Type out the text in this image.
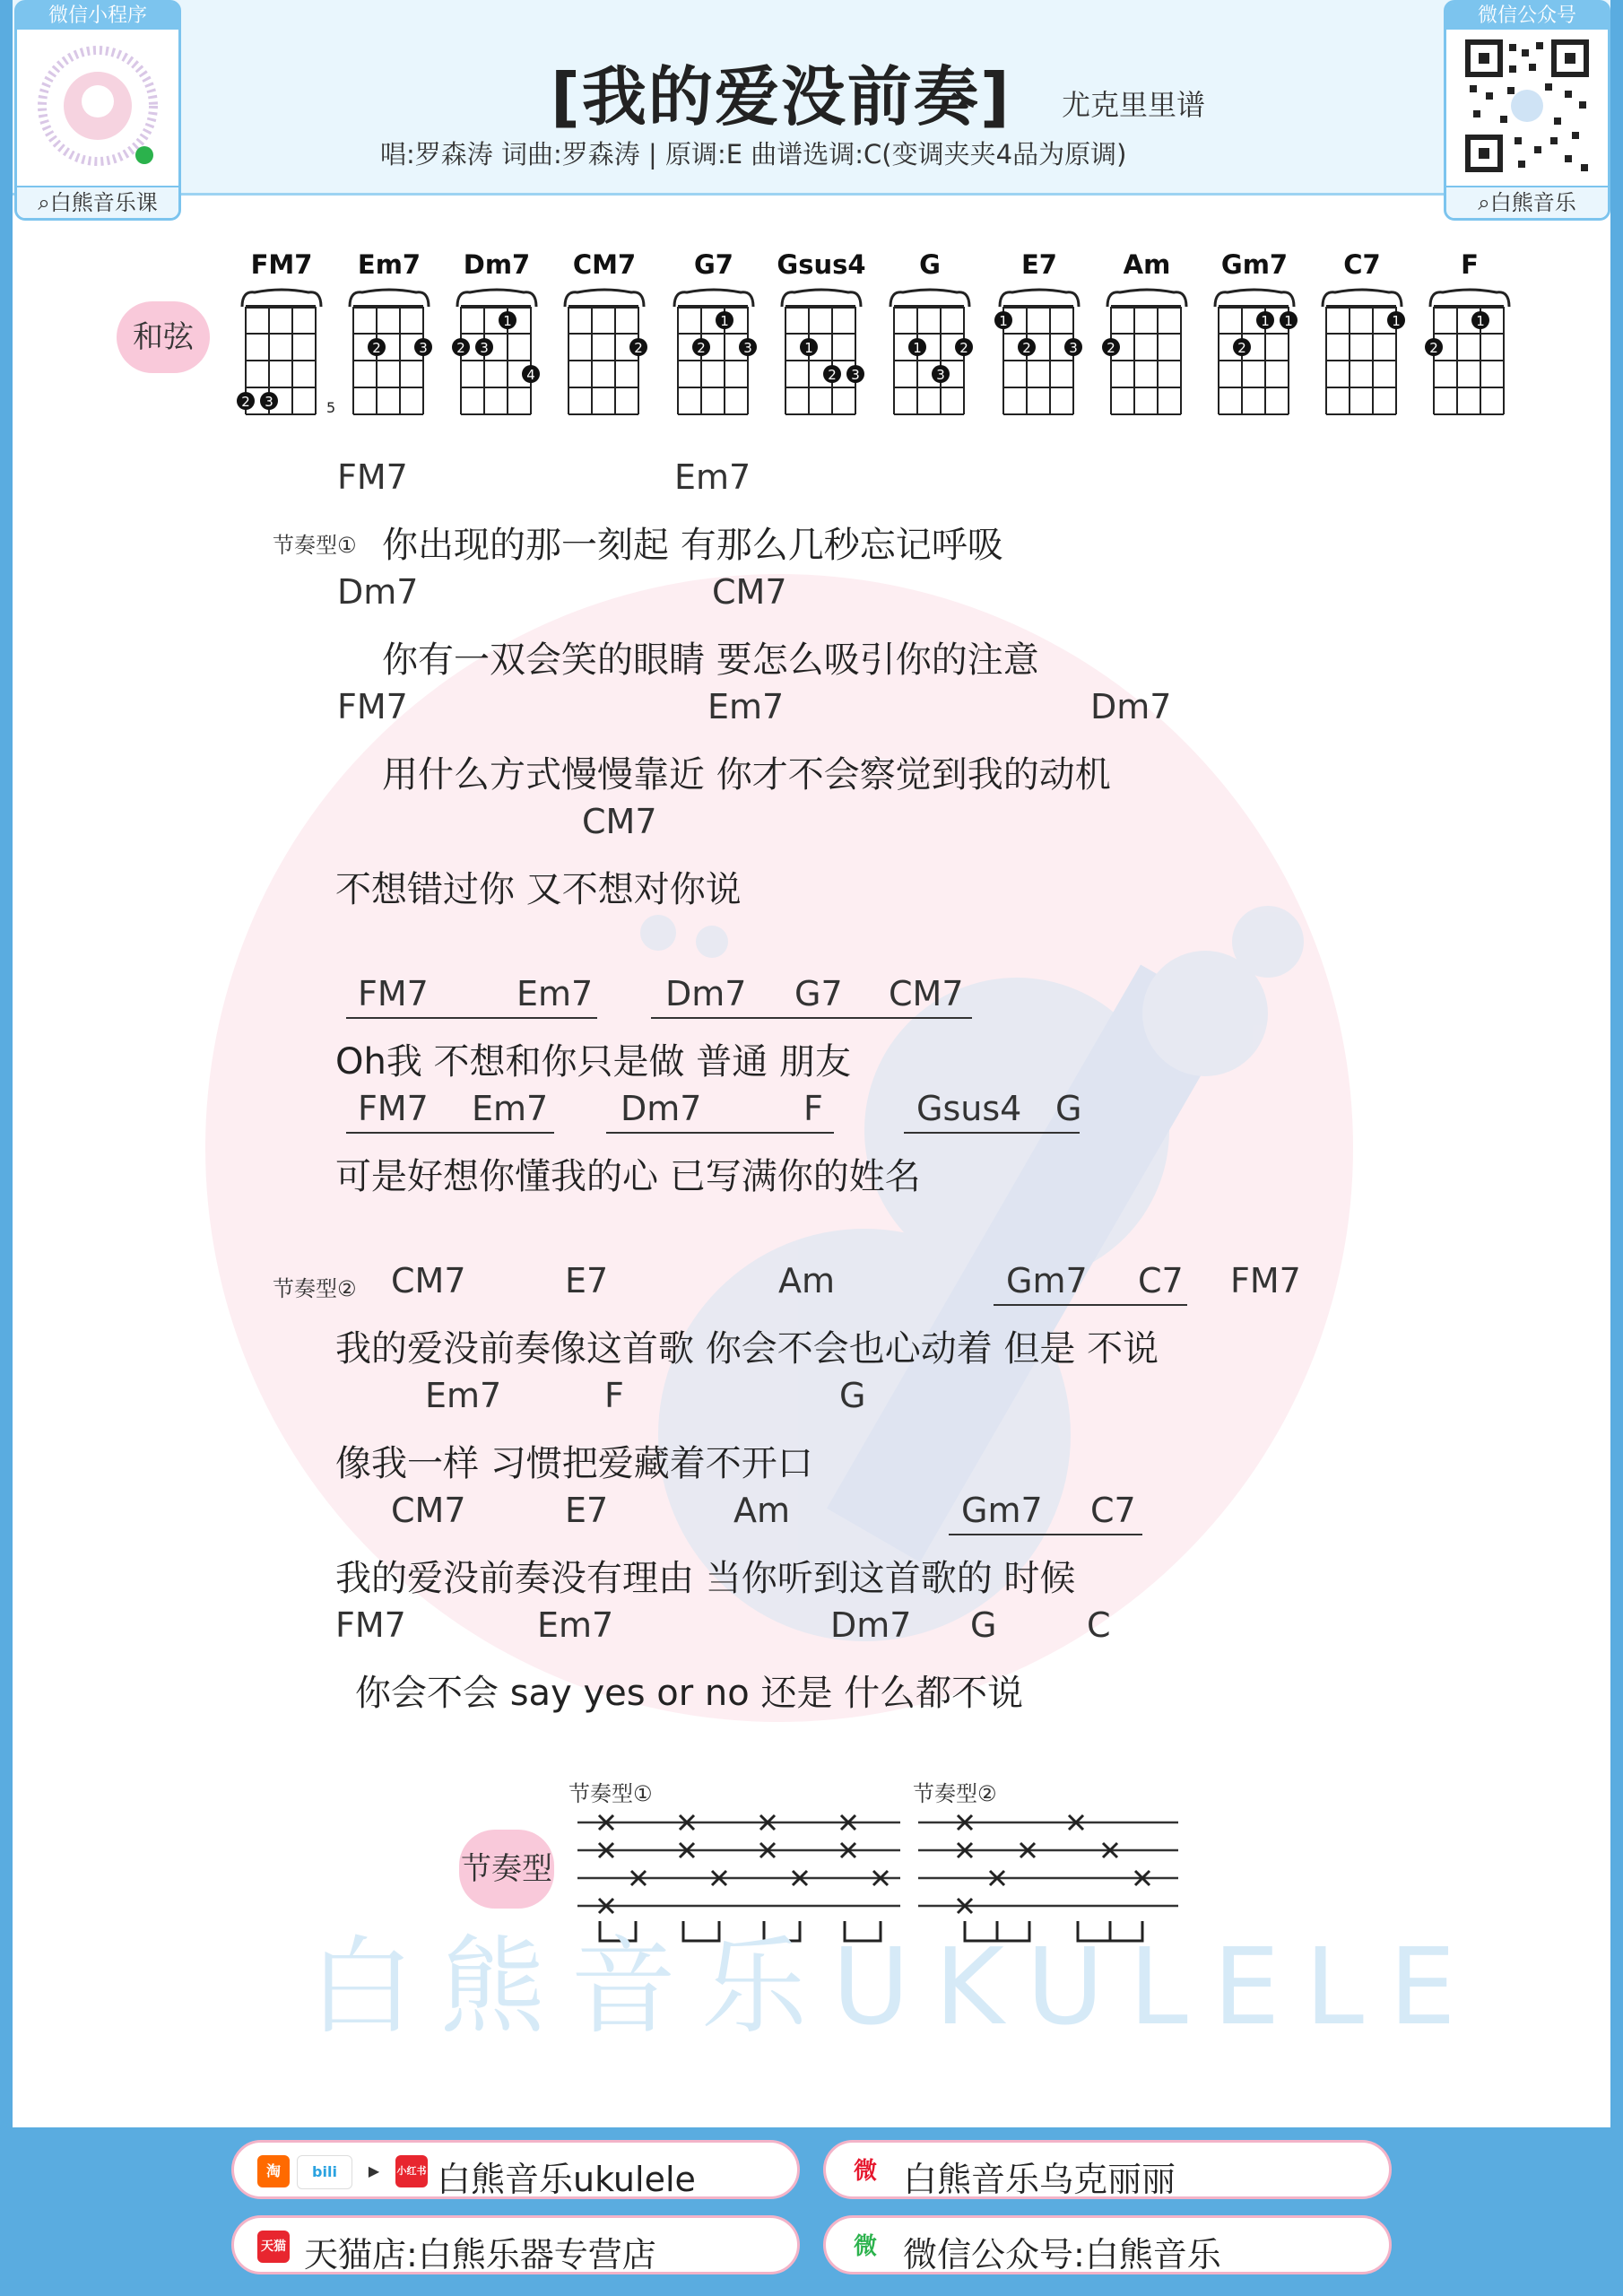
[我的爱没前奏] 尤克里里谱
唱:罗森涛 词曲:罗森涛 | 原调:E 曲谱选调:C(变调夹夹4品为原调)
微信小程序
⌕白熊音乐课
微信公众号
⌕白熊音乐
和弦
FM7
2 3	5
Em7
2	3
Dm7
2 3
1
4
CM7
2
G7
2
1
3
Gsus4
1
2 3
G
1
3
2
E7
1
2	3
Am
2
Gm7
2
1 1
C7
1
F
2
1
节奏型①
节奏型②
FM7	Em7
Dm7	CM7
FM7	Em7	Dm7
CM7
FM7	Em7 Dm7 G7 CM7
FM7 Em7 Dm7	F	Gsus4 G
CM7	E7	Am	Gm7 C7 FM7
Em7	F	G
CM7	E7	Am	Gm7 C7
FM7	Em7	Dm7 G	C
你出现的那一刻起 有那么几秒忘记呼吸
你有一双会笑的眼睛 要怎么吸引你的注意
用什么方式慢慢靠近 你才不会察觉到我的动机
不想错过你 又不想对你说
Oh我 不想和你只是做 普通 朋友
可是好想你懂我的心 已写满你的姓名
我的爱没前奏像这首歌 你会不会也心动着 但是 不说
像我一样 习惯把爱藏着不开口
我的爱没前奏没有理由 当你听到这首歌的 时候
你会不会 say yes or no 还是 什么都不说
节奏型
节奏型①	节奏型②
白熊音乐UKULELE
淘	bili	▶	小红书 白熊音乐ukulele	微 白熊音乐乌克丽丽
天猫 天猫店:白熊乐器专营店	微 微信公众号:白熊音乐
